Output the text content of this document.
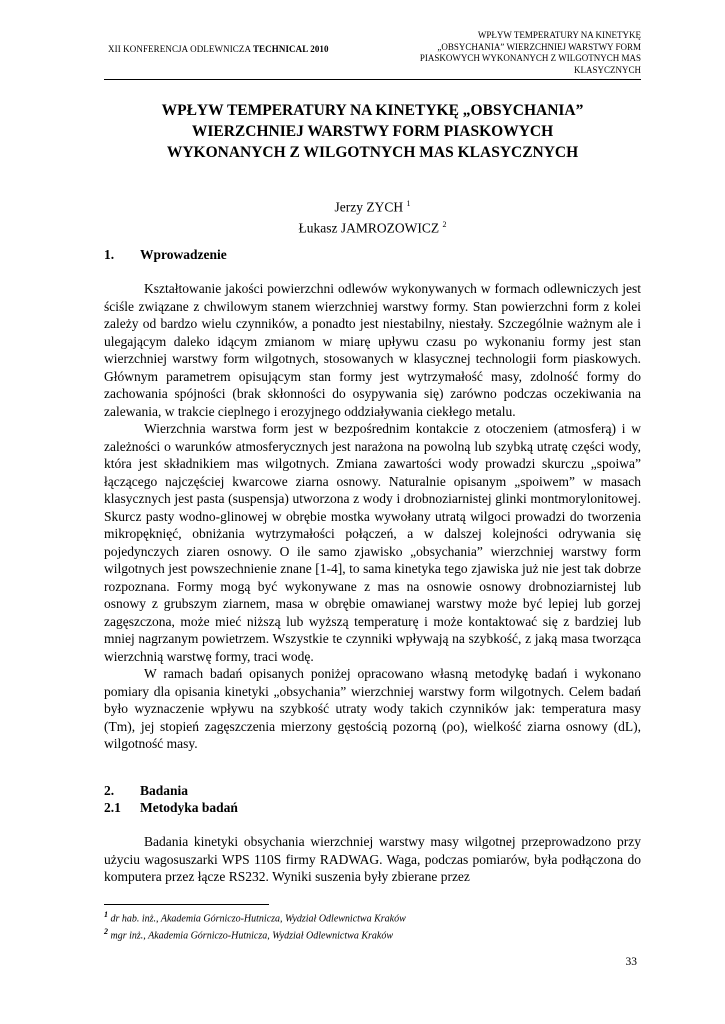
XII KONFERENCJA ODLEWNICZA TECHNICAL 2010
WPŁYW TEMPERATURY NA KINETYKĘ
„OBSYCHANIA” WIERZCHNIEJ WARSTWY FORM
PIASKOWYCH WYKONANYCH Z WILGOTNYCH MAS
KLASYCZNYCH
WPŁYW TEMPERATURY NA KINETYKĘ „OBSYCHANIA”
WIERZCHNIEJ WARSTWY FORM PIASKOWYCH
WYKONANYCH Z WILGOTNYCH MAS KLASYCZNYCH
Jerzy ZYCH $^1$
Łukasz JAMROZOWICZ $^2$
1. Wprowadzenie

Kształtowanie jakości powierzchni odlewów wykonywanych w formach odlewniczych jest ściśle związane z chwilowym stanem wierzchniej warstwy formy. Stan powierzchni form z kolei zależy od bardzo wielu czynników, a ponadto jest niestabilny, niestały. Szczególnie ważnym ale i ulegającym daleko idącym zmianom w miarę upływu czasu po wykonaniu formy jest stan wierzchniej warstwy form wilgotnych, stosowanych w klasycznej technologii form piaskowych. Głównym parametrem opisującym stan formy jest wytrzymałość masy, zdolność formy do zachowania spójności (brak skłonności do osypywania się) zarówno podczas oczekiwania na zalewania, w trakcie cieplnego i erozyjnego oddziaływania ciekłego metalu.

Wierzchnia warstwa form jest w bezpośrednim kontakcie z otoczeniem (atmosferą) i w zależności o warunków atmosferycznych jest narażona na powolną lub szybką utratę części wody, która jest składnikiem mas wilgotnych. Zmiana zawartości wody prowadzi skurczu „spoiwa” łączącego najczęściej kwarcowe ziarna osnowy. Naturalnie opisanym „spoiwem” w masach klasycznych jest pasta (suspensja) utworzona z wody i drobnoziarnistej glinki montmorylonitowej. Skurcz pasty wodno-glinowej w obrębie mostka wywołany utratą wilgoci prowadzi do tworzenia mikropęknięć, obniżania wytrzymałości połączeń, a w dalszej kolejności odrywania się pojedynczych ziaren osnowy. O ile samo zjawisko „obsychania” wierzchniej warstwy form wilgotnych jest powszechnienie znane [1-4], to sama kinetyka tego zjawiska już nie jest tak dobrze rozpoznana. Formy mogą być wykonywane z mas na osnowie osnowy drobnoziarnistej lub osnowy z grubszym ziarnem, masa w obrębie omawianej warstwy może być lepiej lub gorzej zagęszczona, może mieć niższą lub wyższą temperaturę i może kontaktować się z bardziej lub mniej nagrzanym powietrzem. Wszystkie te czynniki wpływają na szybkość, z jaką masa tworząca wierzchnią warstwę formy, traci wodę.

W ramach badań opisanych poniżej opracowano własną metodykę badań i wykonano pomiary dla opisania kinetyki „obsychania” wierzchniej warstwy form wilgotnych. Celem badań było wyznaczenie wpływu na szybkość utraty wody takich czynników jak: temperatura masy (Tm), jej stopień zagęszczenia mierzony gęstością pozorną (ρo), wielkość ziarna osnowy (dL), wilgotność masy.

2. Badania
2.1 Metodyka badań

Badania kinetyki obsychania wierzchniej warstwy masy wilgotnej przeprowadzono przy użyciu wagosuszarki WPS 110S firmy RADWAG. Waga, podczas pomiarów, była podłączona do komputera przez łącze RS232. Wyniki suszenia były zbierane przez

$^1$ dr hab. inż., Akademia Górniczo-Hutnicza, Wydział Odlewnictwa Kraków
$^2$ mgr inż., Akademia Górniczo-Hutnicza, Wydział Odlewnictwa Kraków
33
